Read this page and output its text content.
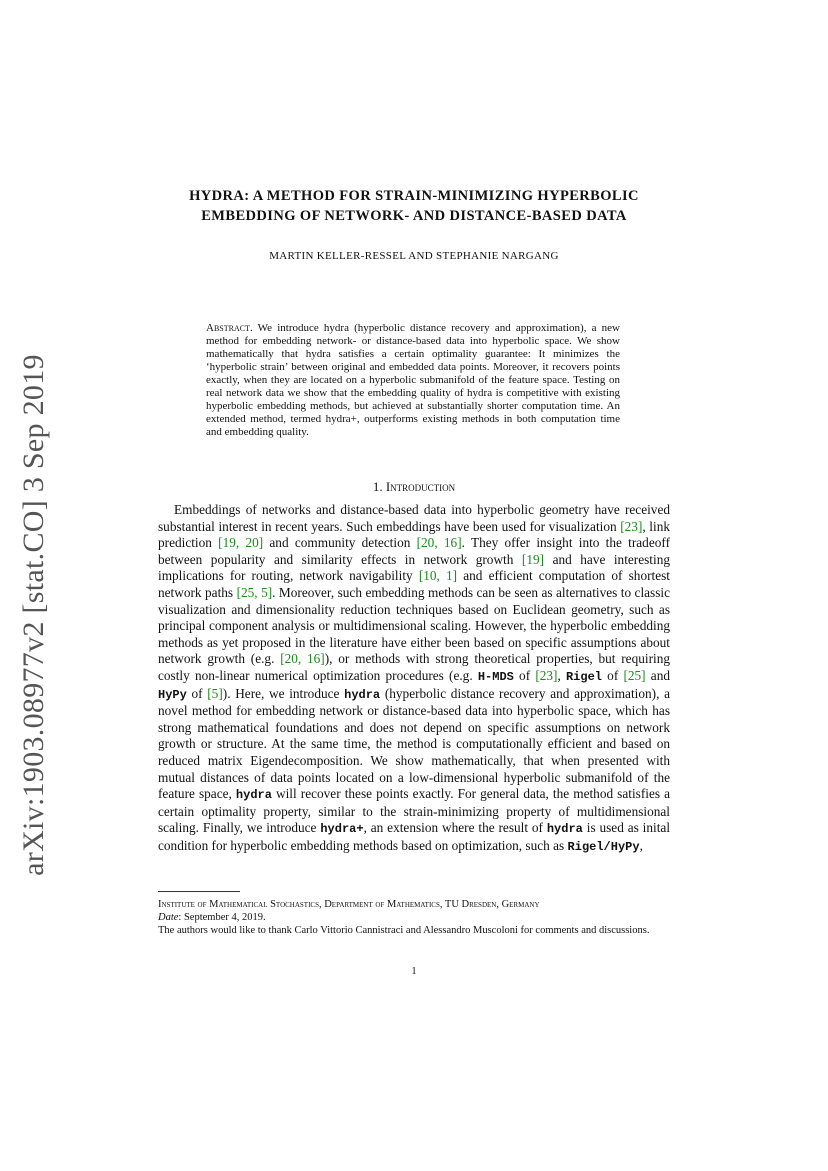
arXiv:1903.08977v2 [stat.CO] 3 Sep 2019
HYDRA: A METHOD FOR STRAIN-MINIMIZING HYPERBOLIC
EMBEDDING OF NETWORK- AND DISTANCE-BASED DATA
MARTIN KELLER-RESSEL AND STEPHANIE NARGANG
Abstract. We introduce hydra (hyperbolic distance recovery and approximation), a new method for embedding network- or distance-based data into hyperbolic space. We show mathematically that hydra satisfies a certain optimality guarantee: It minimizes the ‘hyperbolic strain’ between original and embedded data points. Moreover, it recovers points exactly, when they are located on a hyperbolic submanifold of the feature space. Testing on real network data we show that the embedding quality of hydra is competitive with existing hyperbolic embedding methods, but achieved at substantially shorter computation time. An extended method, termed hydra+, outperforms existing methods in both computation time and embedding quality.
1. Introduction

Embeddings of networks and distance-based data into hyperbolic geometry have received substantial interest in recent years. Such embeddings have been used for visualization [23], link prediction [19, 20] and community detection [20, 16]. They offer insight into the tradeoff between popularity and similarity effects in network growth [19] and have interesting implications for routing, network navigability [10, 1] and efficient computation of shortest network paths [25, 5]. Moreover, such embedding methods can be seen as alternatives to classic visualization and dimensionality reduction techniques based on Euclidean geometry, such as principal component analysis or multidimensional scaling. However, the hyperbolic embedding methods as yet proposed in the literature have either been based on specific assumptions about network growth (e.g. [20, 16]), or methods with strong theoretical properties, but requiring costly non-linear numerical optimization procedures (e.g. H-MDS of [23], Rigel of [25] and HyPy of [5]). Here, we introduce hydra (hyperbolic distance recovery and approximation), a novel method for embedding network or distance-based data into hyperbolic space, which has strong mathematical foundations and does not depend on specific assumptions on network growth or structure. At the same time, the method is computationally efficient and based on reduced matrix Eigendecomposition. We show mathematically, that when presented with mutual distances of data points located on a low-dimensional hyperbolic submanifold of the feature space, hydra will recover these points exactly. For general data, the method satisfies a certain optimality property, similar to the strain-minimizing property of multidimensional scaling. Finally, we introduce hydra+, an extension where the result of hydra is used as inital condition for hyperbolic embedding methods based on optimization, such as Rigel/HyPy,

Institute of Mathematical Stochastics, Department of Mathematics, TU Dresden, Germany
Date: September 4, 2019.
The authors would like to thank Carlo Vittorio Cannistraci and Alessandro Muscoloni for comments and discussions.
1
